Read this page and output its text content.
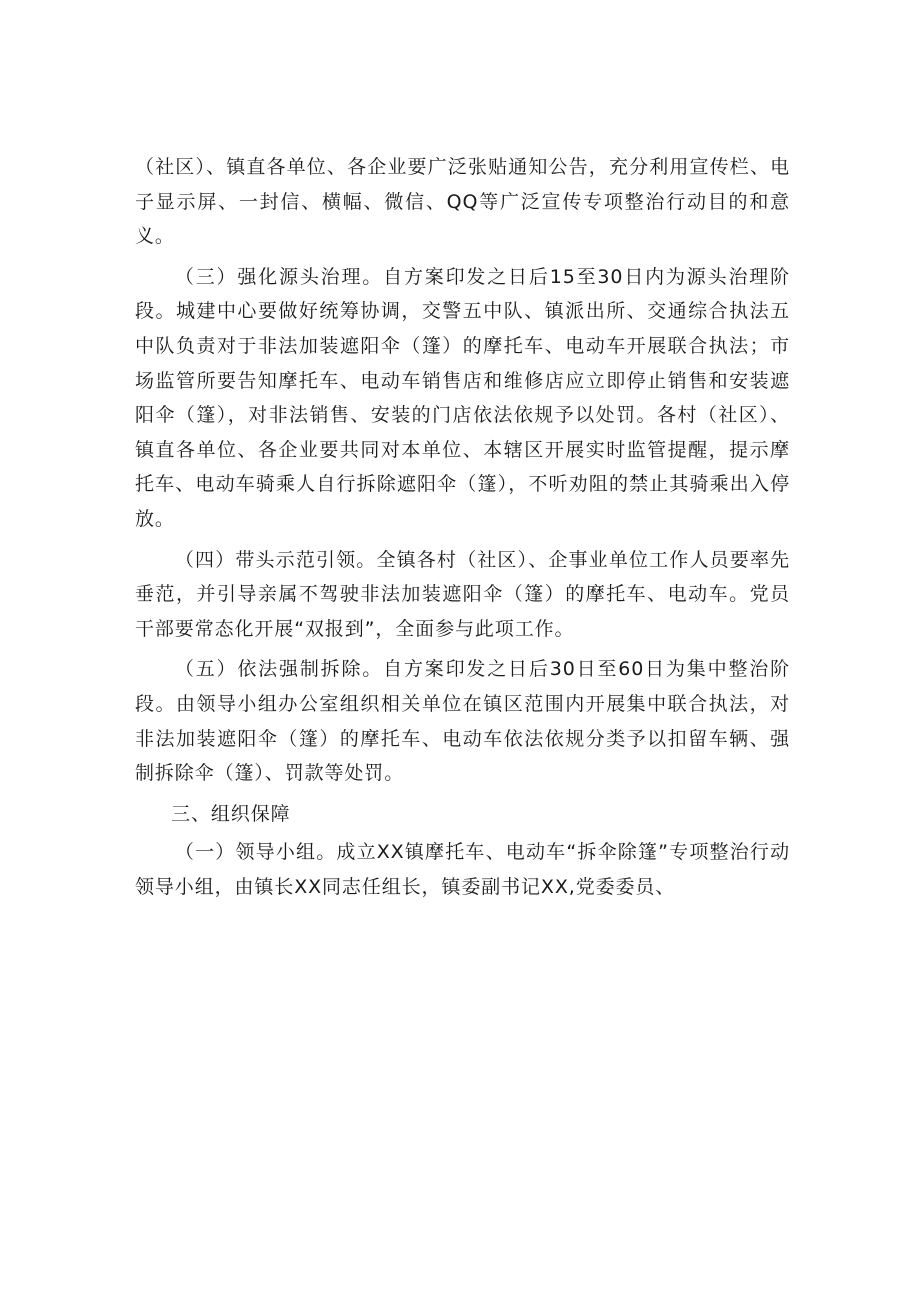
（社区）、镇直各单位、各企业要广泛张贴通知公告，充分利用宣传栏、电子显示屏、一封信、横幅、微信、QQ等广泛宣传专项整治行动目的和意义。

（三）强化源头治理。自方案印发之日后15至30日内为源头治理阶段。城建中心要做好统筹协调，交警五中队、镇派出所、交通综合执法五中队负责对于非法加装遮阳伞（篷）的摩托车、电动车开展联合执法；市场监管所要告知摩托车、电动车销售店和维修店应立即停止销售和安装遮阳伞（篷），对非法销售、安装的门店依法依规予以处罚。各村（社区）、镇直各单位、各企业要共同对本单位、本辖区开展实时监管提醒，提示摩托车、电动车骑乘人自行拆除遮阳伞（篷），不听劝阻的禁止其骑乘出入停放。

（四）带头示范引领。全镇各村（社区）、企事业单位工作人员要率先垂范，并引导亲属不驾驶非法加装遮阳伞（篷）的摩托车、电动车。党员干部要常态化开展“双报到”，全面参与此项工作。

（五）依法强制拆除。自方案印发之日后30日至60日为集中整治阶段。由领导小组办公室组织相关单位在镇区范围内开展集中联合执法，对非法加装遮阳伞（篷）的摩托车、电动车依法依规分类予以扣留车辆、强制拆除伞（篷）、罚款等处罚。

三、组织保障

（一）领导小组。成立XX镇摩托车、电动车“拆伞除篷”专项整治行动领导小组，由镇长XX同志任组长，镇委副书记XX,党委委员、
